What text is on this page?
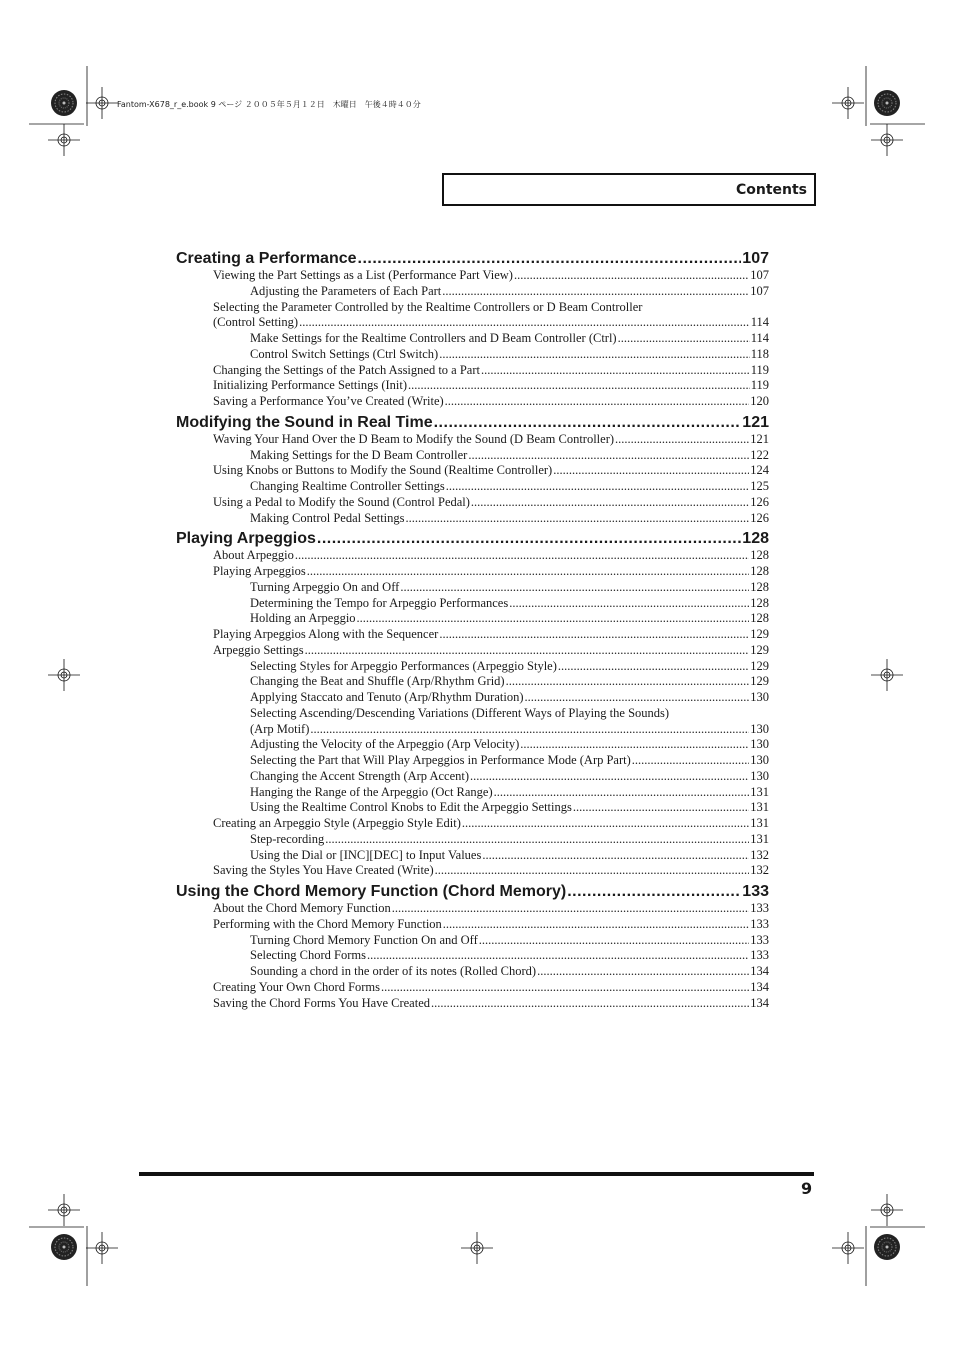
Fantom-X678_r_e.book 9 ページ ２００５年５月１２日　木曜日　午後４時４０分
Contents
Creating a Performance .....	107
Viewing the Part Settings as a List (Performance Part View) .....	107
Adjusting the Parameters of Each Part .....	107
Selecting the Parameter Controlled by the Realtime Controllers or D Beam Controller
(Control Setting) .....	114
Make Settings for the Realtime Controllers and D Beam Controller (Ctrl) .....	114
Control Switch Settings (Ctrl Switch) .....	118
Changing the Settings of the Patch Assigned to a Part .....	119
Initializing Performance Settings (Init) .....	119
Saving a Performance You’ve Created (Write) .....	120
Modifying the Sound in Real Time .....	121
Waving Your Hand Over the D Beam to Modify the Sound (D Beam Controller) .....	121
Making Settings for the D Beam Controller .....	122
Using Knobs or Buttons to Modify the Sound (Realtime Controller) .....	124
Changing Realtime Controller Settings .....	125
Using a Pedal to Modify the Sound (Control Pedal) .....	126
Making Control Pedal Settings .....	126
Playing Arpeggios .....	128
About Arpeggio .....	128
Playing Arpeggios .....	128
Turning Arpeggio On and Off .....	128
Determining the Tempo for Arpeggio Performances .....	128
Holding an Arpeggio .....	128
Playing Arpeggios Along with the Sequencer .....	129
Arpeggio Settings .....	129
Selecting Styles for Arpeggio Performances (Arpeggio Style) .....	129
Changing the Beat and Shuffle (Arp/Rhythm Grid) .....	129
Applying Staccato and Tenuto (Arp/Rhythm Duration) .....	130
Selecting Ascending/Descending Variations (Different Ways of Playing the Sounds)
(Arp Motif) .....	130
Adjusting the Velocity of the Arpeggio (Arp Velocity) .....	130
Selecting the Part that Will Play Arpeggios in Performance Mode (Arp Part) .....	130
Changing the Accent Strength (Arp Accent) .....	130
Hanging the Range of the Arpeggio (Oct Range) .....	131
Using the Realtime Control Knobs to Edit the Arpeggio Settings .....	131
Creating an Arpeggio Style (Arpeggio Style Edit) .....	131
Step-recording .....	131
Using the Dial or [INC][DEC] to Input Values .....	132
Saving the Styles You Have Created (Write) .....	132
Using the Chord Memory Function (Chord Memory) .....	133
About the Chord Memory Function .....	133
Performing with the Chord Memory Function .....	133
Turning Chord Memory Function On and Off .....	133
Selecting Chord Forms .....	133
Sounding a chord in the order of its notes (Rolled Chord) .....	134
Creating Your Own Chord Forms .....	134
Saving the Chord Forms You Have Created .....	134
9
